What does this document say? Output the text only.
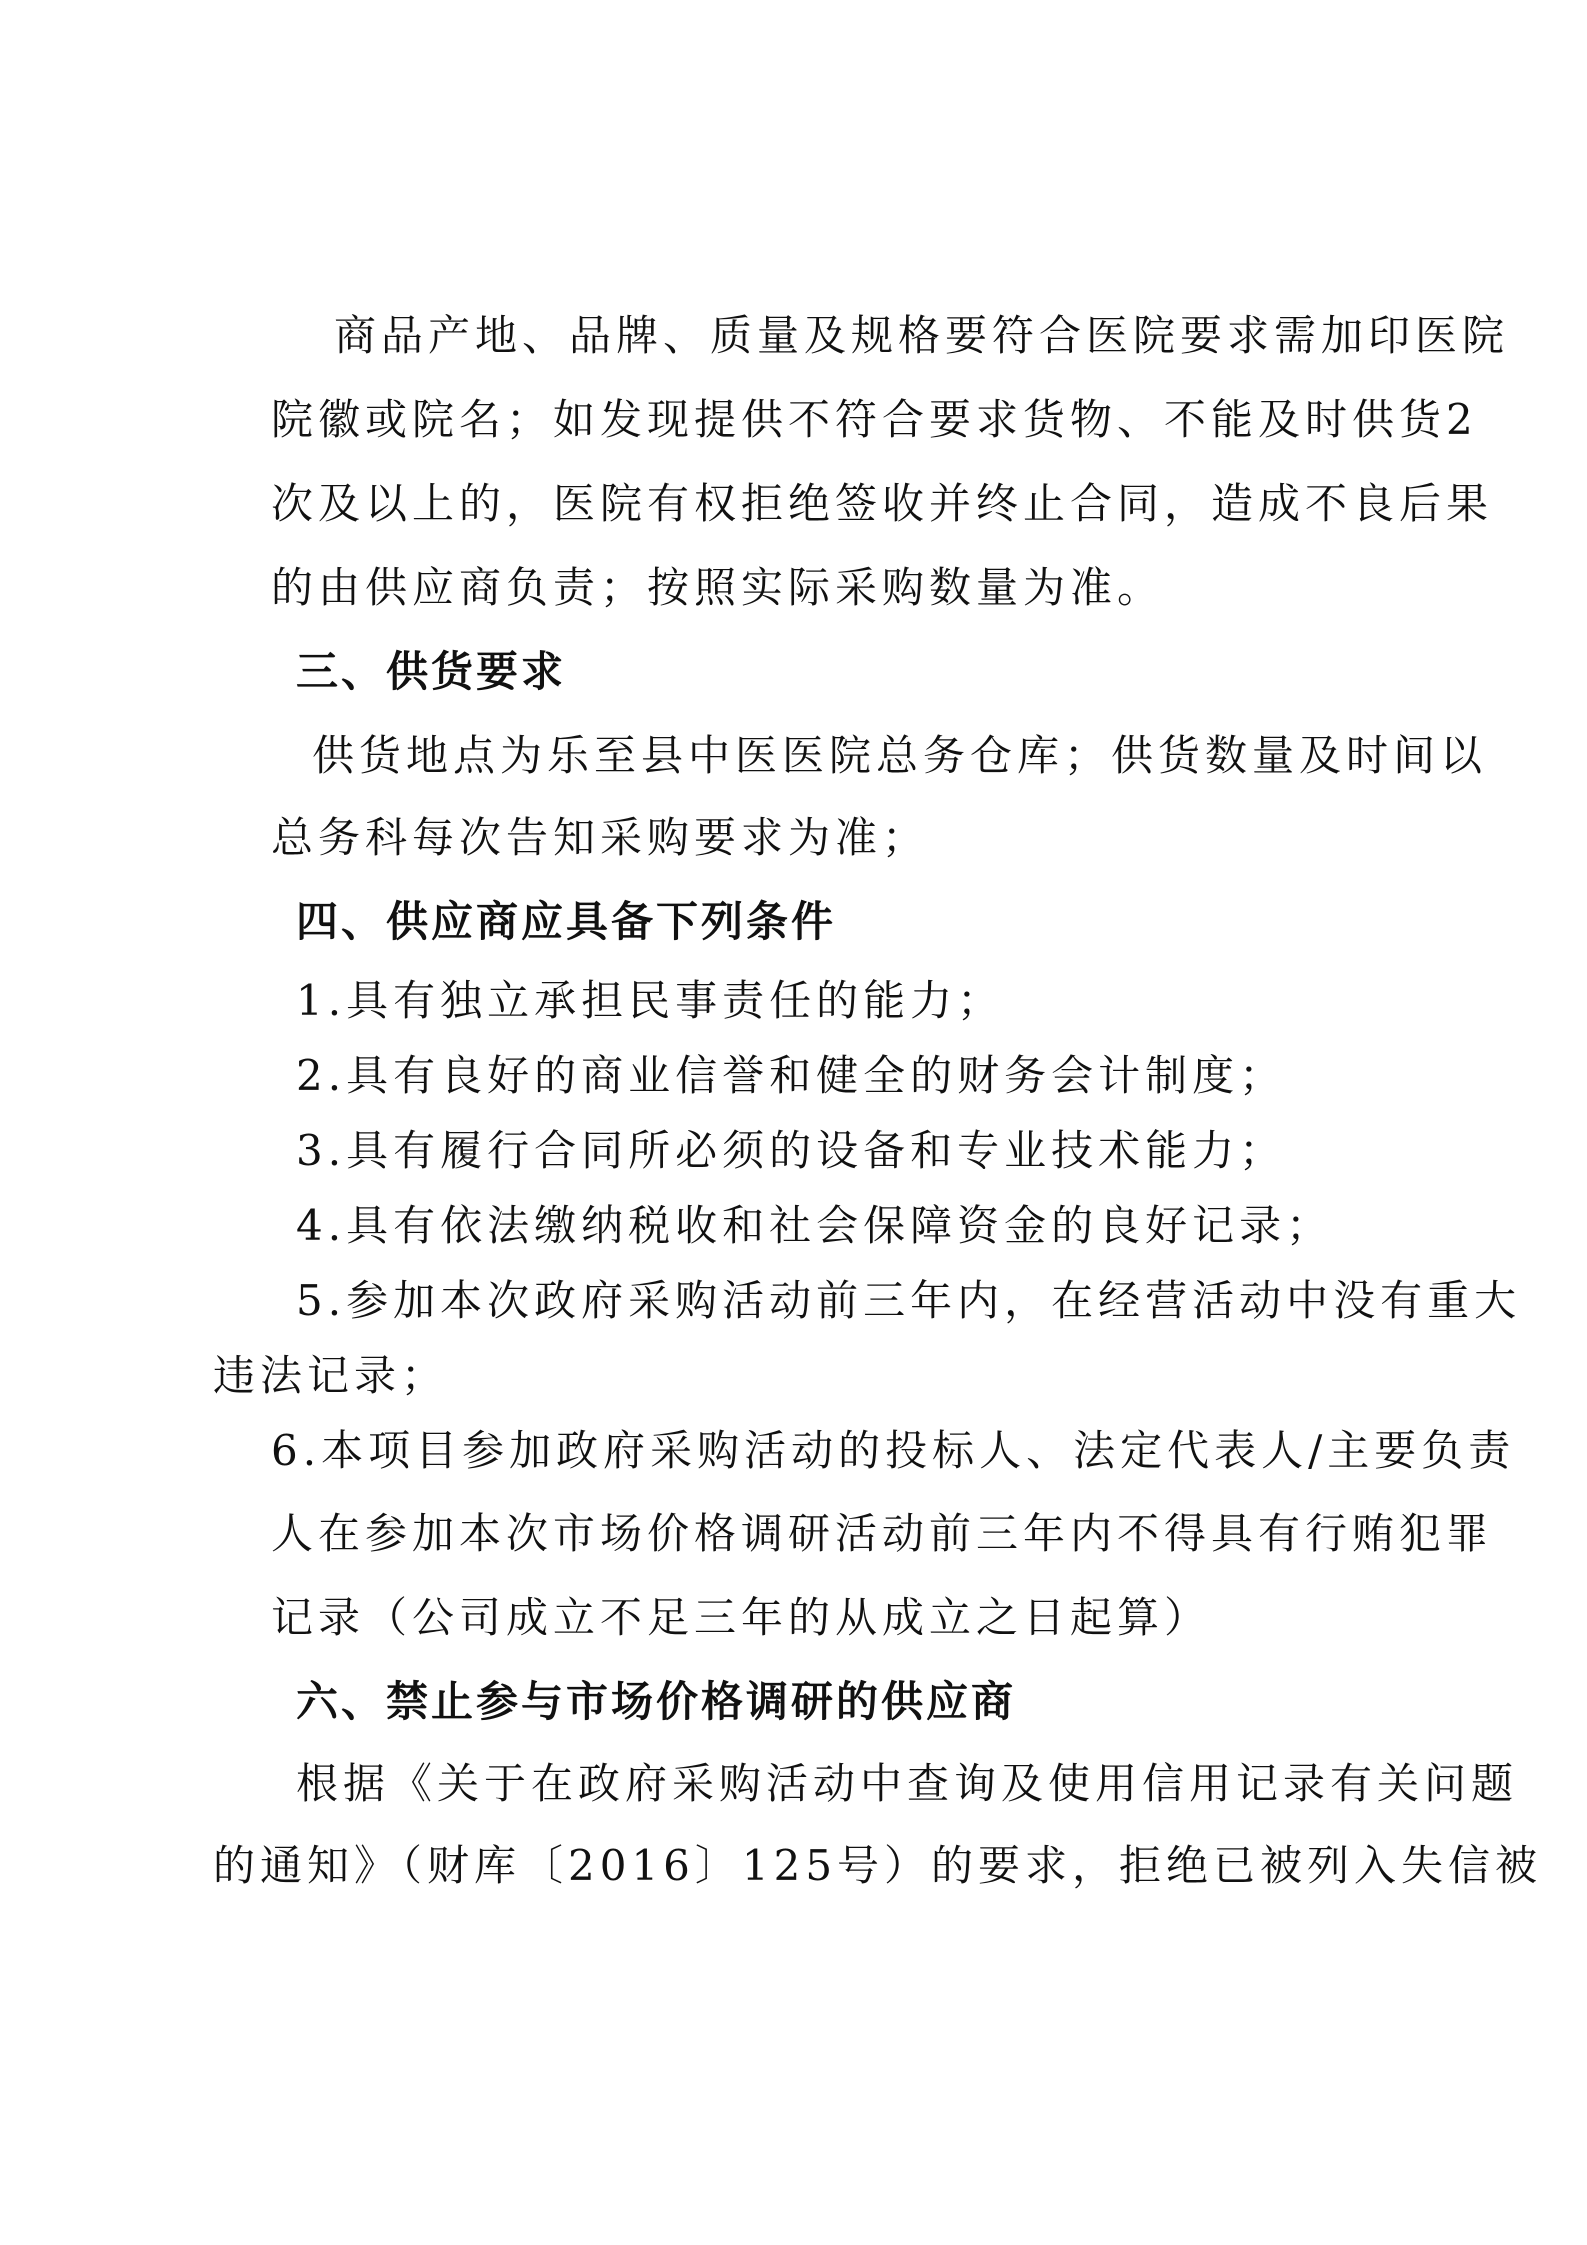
商品产地、品牌、质量及规格要符合医院要求需加印医院
院徽或院名；如发现提供不符合要求货物、不能及时供货2
次及以上的，医院有权拒绝签收并终止合同，造成不良后果
的由供应商负责；按照实际采购数量为准。
三、供货要求
供货地点为乐至县中医医院总务仓库；供货数量及时间以
总务科每次告知采购要求为准；
四、供应商应具备下列条件
1.具有独立承担民事责任的能力；
2.具有良好的商业信誉和健全的财务会计制度；
3.具有履行合同所必须的设备和专业技术能力；
4.具有依法缴纳税收和社会保障资金的良好记录；
5.参加本次政府采购活动前三年内，在经营活动中没有重大
违法记录；
6.本项目参加政府采购活动的投标人、法定代表人/主要负责
人在参加本次市场价格调研活动前三年内不得具有行贿犯罪
记录（公司成立不足三年的从成立之日起算）
六、禁止参与市场价格调研的供应商
根据《关于在政府采购活动中查询及使用信用记录有关问题
的通知》（财库〔2016〕125号）的要求，拒绝已被列入失信被
